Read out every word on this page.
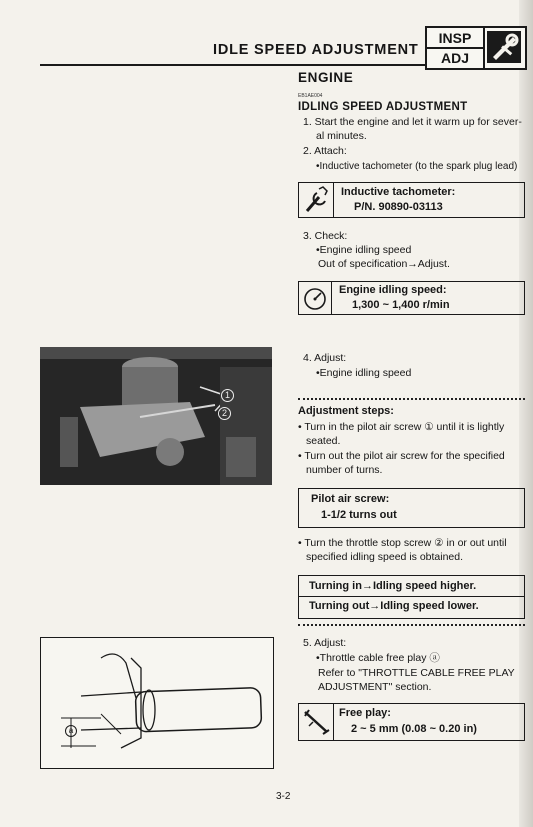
IDLE SPEED ADJUSTMENT
INSP
ADJ
ENGINE
EB1AE004
IDLING SPEED ADJUSTMENT
1. Start the engine and let it warm up for sever-
al minutes.
2. Attach:
•Inductive tachometer (to the spark plug lead)
Inductive tachometer:
P/N. 90890-03113
3. Check:
•Engine idling speed
Out of specification→Adjust.
Engine idling speed:
1,300 ~ 1,400 r/min
1
2
4. Adjust:
•Engine idling speed
Adjustment steps:
• Turn in the pilot air screw ① until it is lightly
seated.
• Turn out the pilot air screw for the specified
number of turns.
Pilot air screw:
1-1/2 turns out
• Turn the throttle stop screw ② in or out until
specified idling speed is obtained.
Turning in→Idling speed higher.
Turning out→Idling speed lower.
5. Adjust:
•Throttle cable free play ⓐ
Refer to "THROTTLE CABLE FREE PLAY
ADJUSTMENT" section.
Free play:
2 ~ 5 mm (0.08 ~ 0.20 in)
a
3-2
